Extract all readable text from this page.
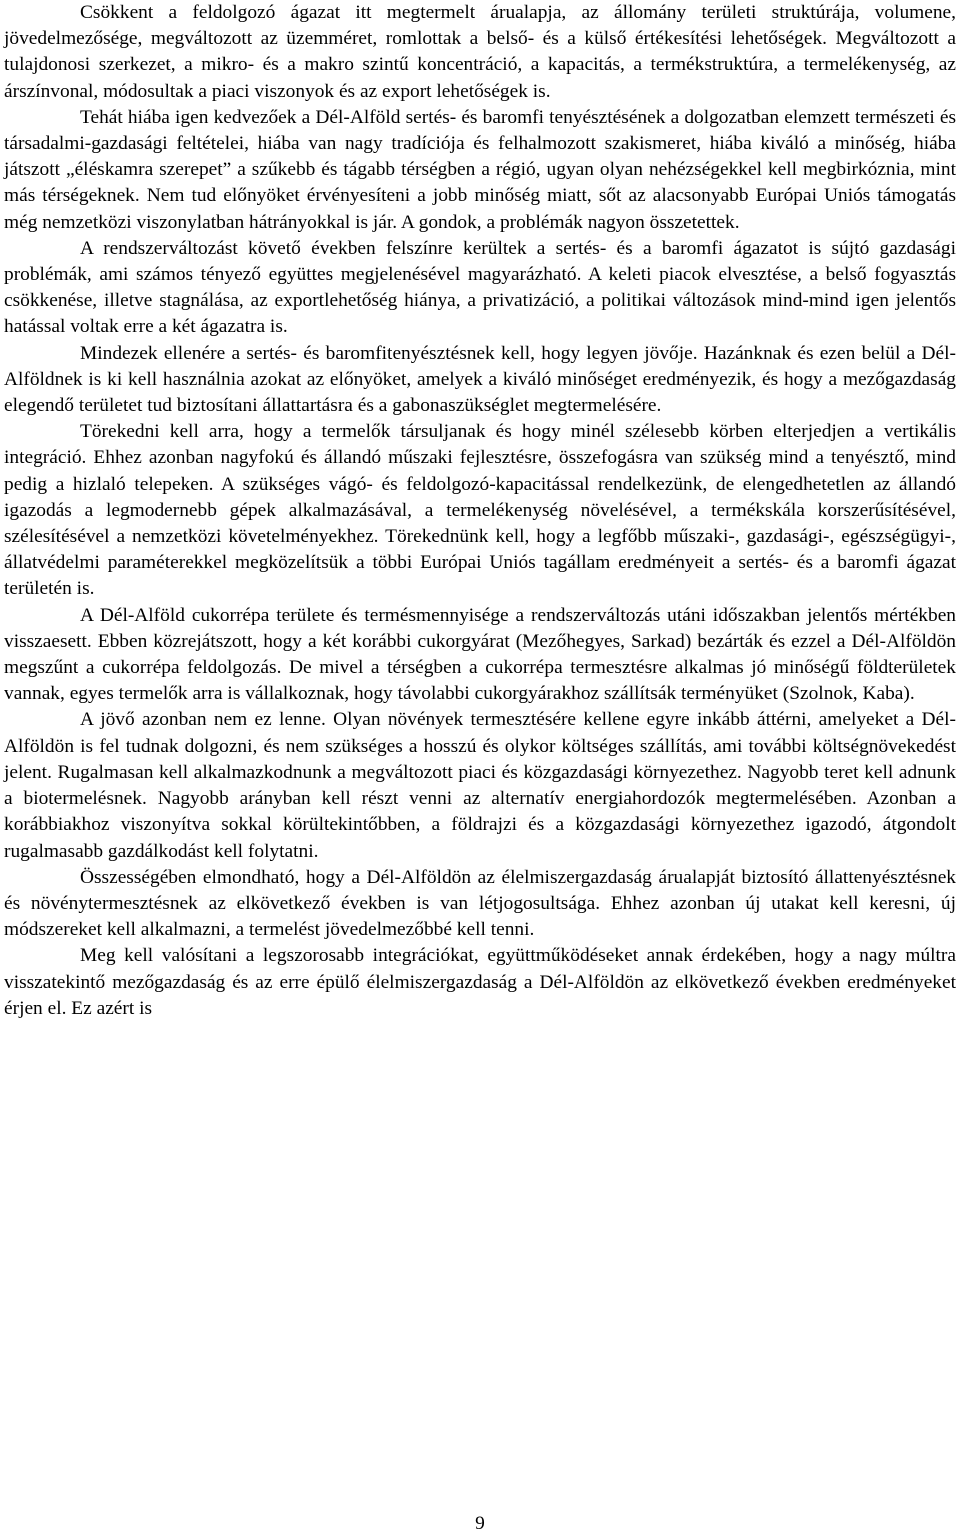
Csökkent a feldolgozó ágazat itt megtermelt árualapja, az állomány területi struktúrája, volumene, jövedelmezősége, megváltozott az üzemméret, romlottak a belső- és a külső értékesítési lehetőségek. Megváltozott a tulajdonosi szerkezet, a mikro- és a makro szintű koncentráció, a kapacitás, a termékstruktúra, a termelékenység, az árszínvonal, módosultak a piaci viszonyok és az export lehetőségek is.

Tehát hiába igen kedvezőek a Dél-Alföld sertés- és baromfi tenyésztésének a dolgozatban elemzett természeti és társadalmi-gazdasági feltételei, hiába van nagy tradíciója és felhalmozott szakismeret, hiába kiváló a minőség, hiába játszott „éléskamra szerepet” a szűkebb és tágabb térségben a régió, ugyan olyan nehézségekkel kell megbirkóznia, mint más térségeknek. Nem tud előnyöket érvényesíteni a jobb minőség miatt, sőt az alacsonyabb Európai Uniós támogatás még nemzetközi viszonylatban hátrányokkal is jár. A gondok, a problémák nagyon összetettek.

A rendszerváltozást követő években felszínre kerültek a sertés- és a baromfi ágazatot is sújtó gazdasági problémák, ami számos tényező együttes megjelenésével magyarázható. A keleti piacok elvesztése, a belső fogyasztás csökkenése, illetve stagnálása, az exportlehetőség hiánya, a privatizáció, a politikai változások mind-mind igen jelentős hatással voltak erre a két ágazatra is.

Mindezek ellenére a sertés- és baromfitenyésztésnek kell, hogy legyen jövője. Hazánknak és ezen belül a Dél-Alföldnek is ki kell használnia azokat az előnyöket, amelyek a kiváló minőséget eredményezik, és hogy a mezőgazdaság elegendő területet tud biztosítani állattartásra és a gabonaszükséglet megtermelésére.

Törekedni kell arra, hogy a termelők társuljanak és hogy minél szélesebb körben elterjedjen a vertikális integráció. Ehhez azonban nagyfokú és állandó műszaki fejlesztésre, összefogásra van szükség mind a tenyésztő, mind pedig a hizlaló telepeken. A szükséges vágó- és feldolgozó-kapacitással rendelkezünk, de elengedhetetlen az állandó igazodás a legmodernebb gépek alkalmazásával, a termelékenység növelésével, a termékskála korszerűsítésével, szélesítésével a nemzetközi követelményekhez. Törekednünk kell, hogy a legfőbb műszaki-, gazdasági-, egészségügyi-, állatvédelmi paraméterekkel megközelítsük a többi Európai Uniós tagállam eredményeit a sertés- és a baromfi ágazat területén is.

A Dél-Alföld cukorrépa területe és termésmennyisége a rendszerváltozás utáni időszakban jelentős mértékben visszaesett. Ebben közrejátszott, hogy a két korábbi cukorgyárat (Mezőhegyes, Sarkad) bezárták és ezzel a Dél-Alföldön megszűnt a cukorrépa feldolgozás. De mivel a térségben a cukorrépa termesztésre alkalmas jó minőségű földterületek vannak, egyes termelők arra is vállalkoznak, hogy távolabbi cukorgyárakhoz szállítsák terményüket (Szolnok, Kaba).

A jövő azonban nem ez lenne. Olyan növények termesztésére kellene egyre inkább áttérni, amelyeket a Dél-Alföldön is fel tudnak dolgozni, és nem szükséges a hosszú és olykor költséges szállítás, ami további költségnövekedést jelent. Rugalmasan kell alkalmazkodnunk a megváltozott piaci és közgazdasági környezethez. Nagyobb teret kell adnunk a biotermelésnek. Nagyobb arányban kell részt venni az alternatív energiahordozók megtermelésében. Azonban a korábbiakhoz viszonyítva sokkal körültekintőbben, a földrajzi és a közgazdasági környezethez igazodó, átgondolt rugalmasabb gazdálkodást kell folytatni.

Összességében elmondható, hogy a Dél-Alföldön az élelmiszergazdaság árualapját biztosító állattenyésztésnek és növénytermesztésnek az elkövetkező években is van létjogosultsága. Ehhez azonban új utakat kell keresni, új módszereket kell alkalmazni, a termelést jövedelmezőbbé kell tenni.

Meg kell valósítani a legszorosabb integrációkat, együttműködéseket annak érdekében, hogy a nagy múltra visszatekintő mezőgazdaság és az erre épülő élelmiszergazdaság a Dél-Alföldön az elkövetkező években eredményeket érjen el. Ez azért is

9
